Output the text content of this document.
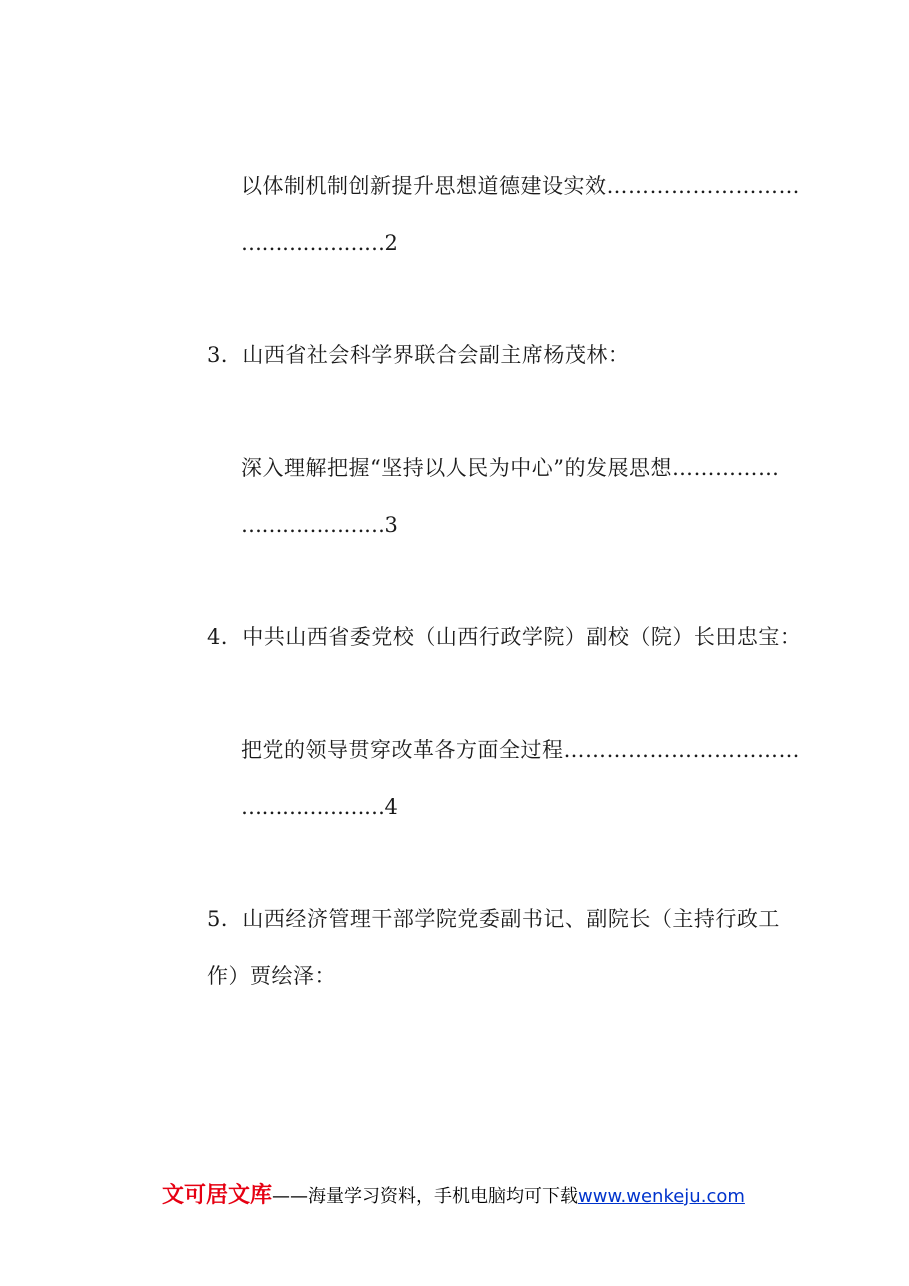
以体制机制创新提升思想道德建设实效………………………
…………………2
3．山西省社会科学界联合会副主席杨茂林：
深入理解把握“坚持以人民为中心”的发展思想……………
…………………3
4．中共山西省委党校（山西行政学院）副校（院）长田忠宝：
把党的领导贯穿改革各方面全过程……………………………
…………………4
5．山西经济管理干部学院党委副书记、副院长（主持行政工
作）贾绘泽：
文可居文库——海量学习资料，手机电脑均可下载www.wenkeju.com
